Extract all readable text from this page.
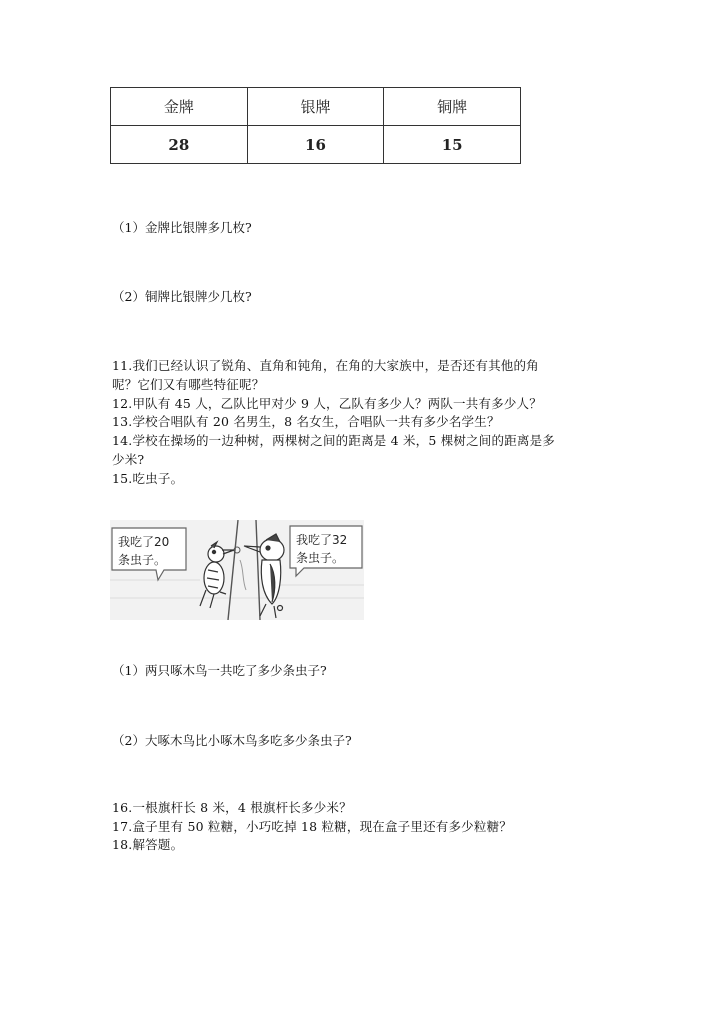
金牌	银牌	铜牌
28	16	15
（1）金牌比银牌多几枚?
（2）铜牌比银牌少几枚?
11.我们已经认识了锐角、直角和钝角，在角的大家族中，是否还有其他的角
呢？它们又有哪些特征呢？
12.甲队有 45 人，乙队比甲对少 9 人，乙队有多少人？两队一共有多少人？
13.学校合唱队有 20 名男生，8 名女生，合唱队一共有多少名学生？
14.学校在操场的一边种树，两棵树之间的距离是 4 米，5 棵树之间的距离是多
少米?
15.吃虫子。
我吃了20
条虫子。
我吃了32
条虫子。
（1）两只啄木鸟一共吃了多少条虫子?
（2）大啄木鸟比小啄木鸟多吃多少条虫子?
16.一根旗杆长 8 米，4 根旗杆长多少米？
17.盒子里有 50 粒糖，小巧吃掉 18 粒糖，现在盒子里还有多少粒糖？
18.解答题。
